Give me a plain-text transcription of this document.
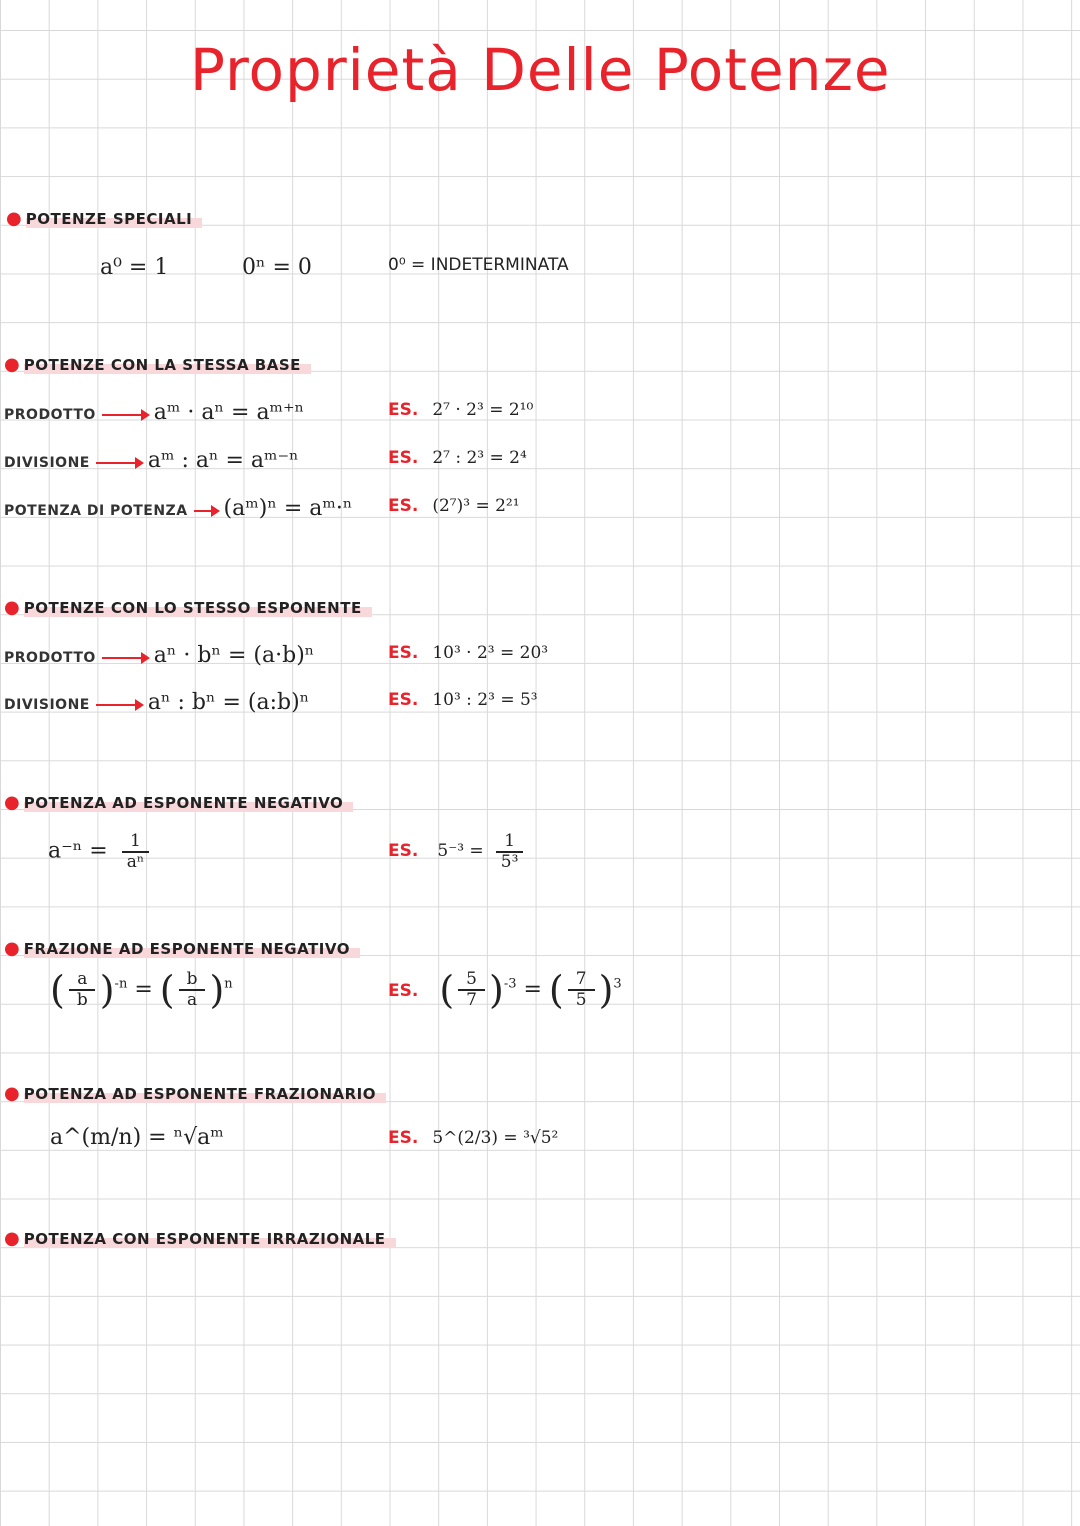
Proprietà Delle Potenze
● POTENZE SPECIALI
a⁰ = 1	0ⁿ = 0	0⁰ = INDETERMINATA
● POTENZE CON LA STESSA BASE
PRODOTTO	aᵐ · aⁿ = aᵐ⁺ⁿ	ES. 2⁷ · 2³ = 2¹⁰
DIVISIONE	aᵐ : aⁿ = aᵐ⁻ⁿ	ES. 2⁷ : 2³ = 2⁴
POTENZA DI POTENZA (aᵐ)ⁿ = aᵐ·ⁿ ES. (2⁷)³ = 2²¹
● POTENZE CON LO STESSO ESPONENTE
PRODOTTO	aⁿ · bⁿ = (a·b)ⁿ	ES. 10³ · 2³ = 20³
DIVISIONE	aⁿ : bⁿ = (a:b)ⁿ	ES. 10³ : 2³ = 5³
● POTENZA AD ESPONENTE NEGATIVO
$a^{-n} = \frac{1}{\text{aⁿ}}$	ES. $5^{-3} = \frac{1}{\text{5³}}$
● FRAZIONE AD ESPONENTE NEGATIVO
( $\frac{a}{b} )^{-n}$ = ( $\frac{b}{a} )^n$	ES. ( $\frac{5}{7} )^{-3}$ = ( $\frac{7}{5} )^3$
● POTENZA AD ESPONENTE FRAZIONARIO
a^(m/n) = ⁿ√aᵐ	ES. 5^(2/3) = ³√5²
● POTENZA CON ESPONENTE IRRAZIONALE
